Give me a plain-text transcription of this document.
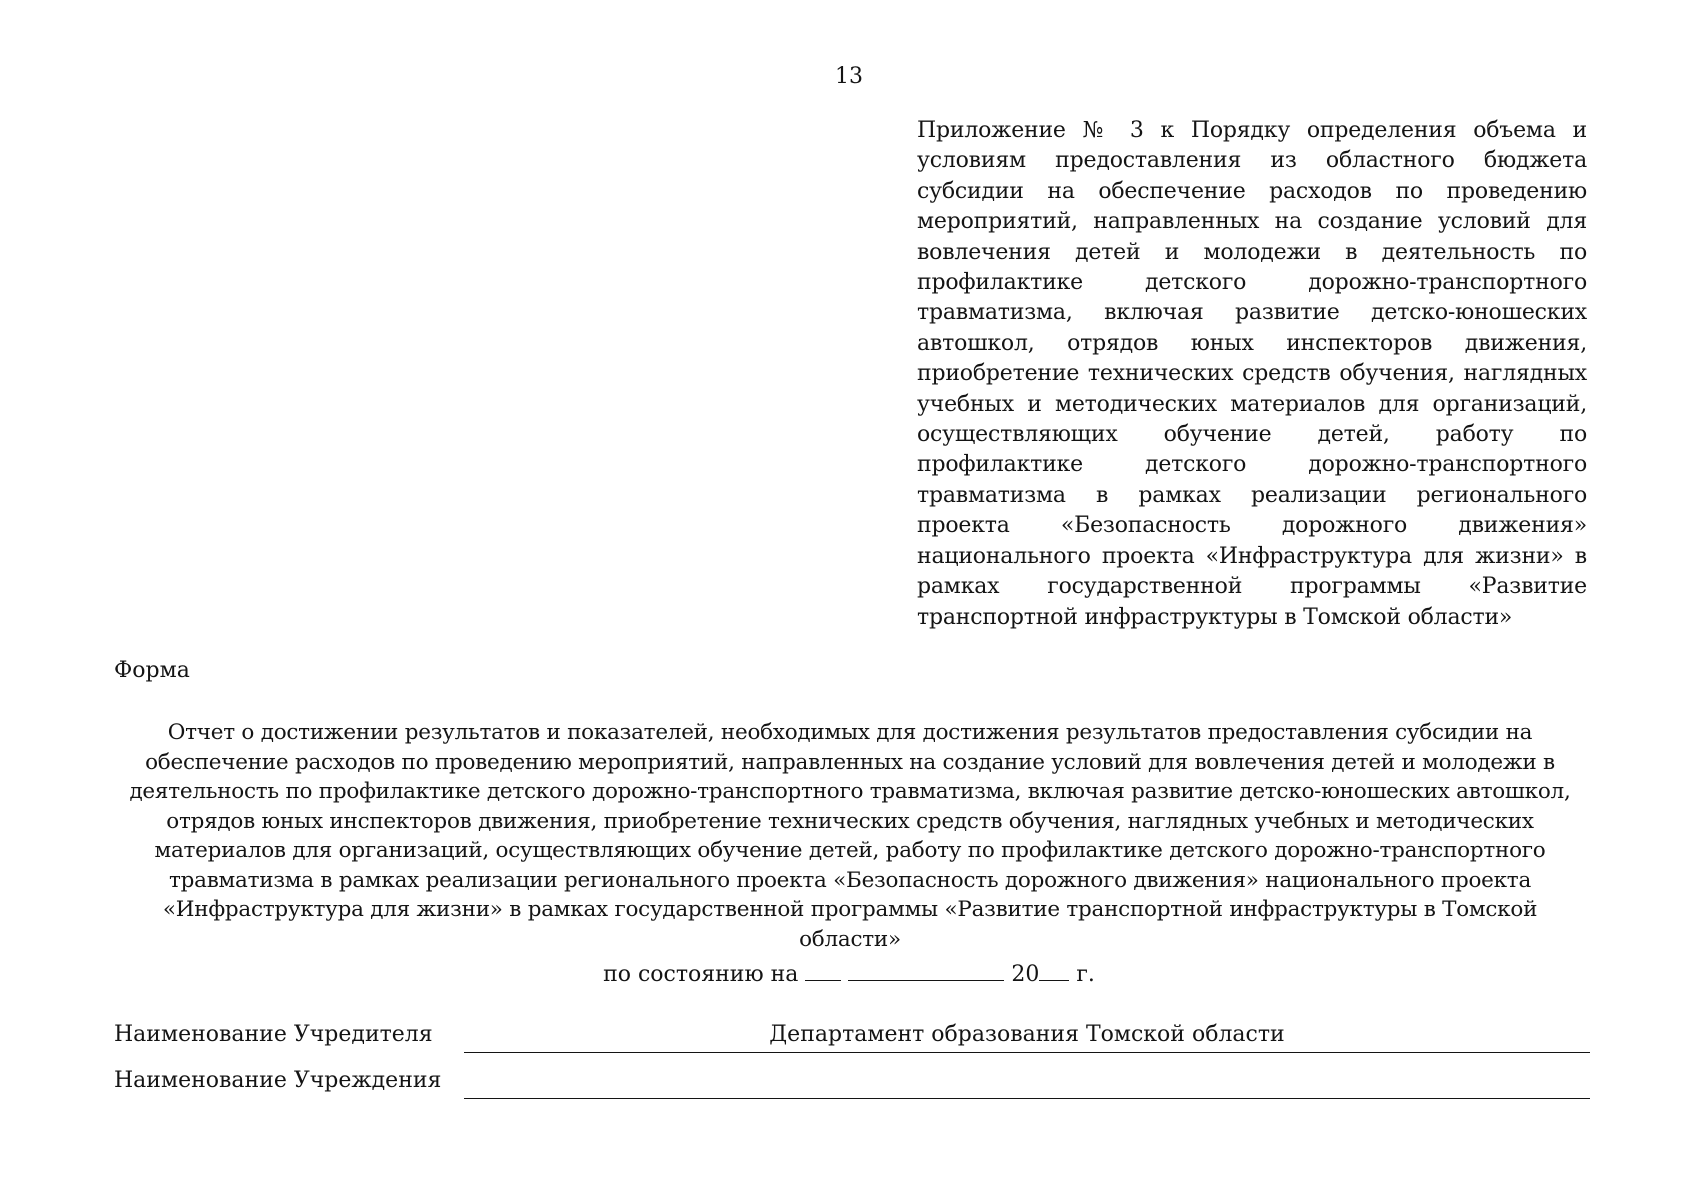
13
Приложение № 3 к Порядку определения объема и условиям предоставления из областного бюджета субсидии на обеспечение расходов по проведению мероприятий, направленных на создание условий для вовлечения детей и молодежи в деятельность по профилактике детского дорожно-транспортного травматизма, включая развитие детско-юношеских автошкол, отрядов юных инспекторов движения, приобретение технических средств обучения, наглядных учебных и методических материалов для организаций, осуществляющих обучение детей, работу по профилактике детского дорожно-транспортного травматизма в рамках реализации регионального проекта «Безопасность дорожного движения» национального проекта «Инфраструктура для жизни» в рамках государственной программы «Развитие транспортной инфраструктуры в Томской области»
Форма
Отчет о достижении результатов и показателей, необходимых для достижения результатов предоставления субсидии на
обеспечение расходов по проведению мероприятий, направленных на создание условий для вовлечения детей и молодежи в
деятельность по профилактике детского дорожно-транспортного травматизма, включая развитие детско-юношеских автошкол,
отрядов юных инспекторов движения, приобретение технических средств обучения, наглядных учебных и методических
материалов для организаций, осуществляющих обучение детей, работу по профилактике детского дорожно-транспортного
травматизма в рамках реализации регионального проекта «Безопасность дорожного движения» национального проекта
«Инфраструктура для жизни» в рамках государственной программы «Развитие транспортной инфраструктуры в Томской
области»
по состоянию на	20 г.
Наименование Учредителя	Департамент образования Томской области
Наименование Учреждения
